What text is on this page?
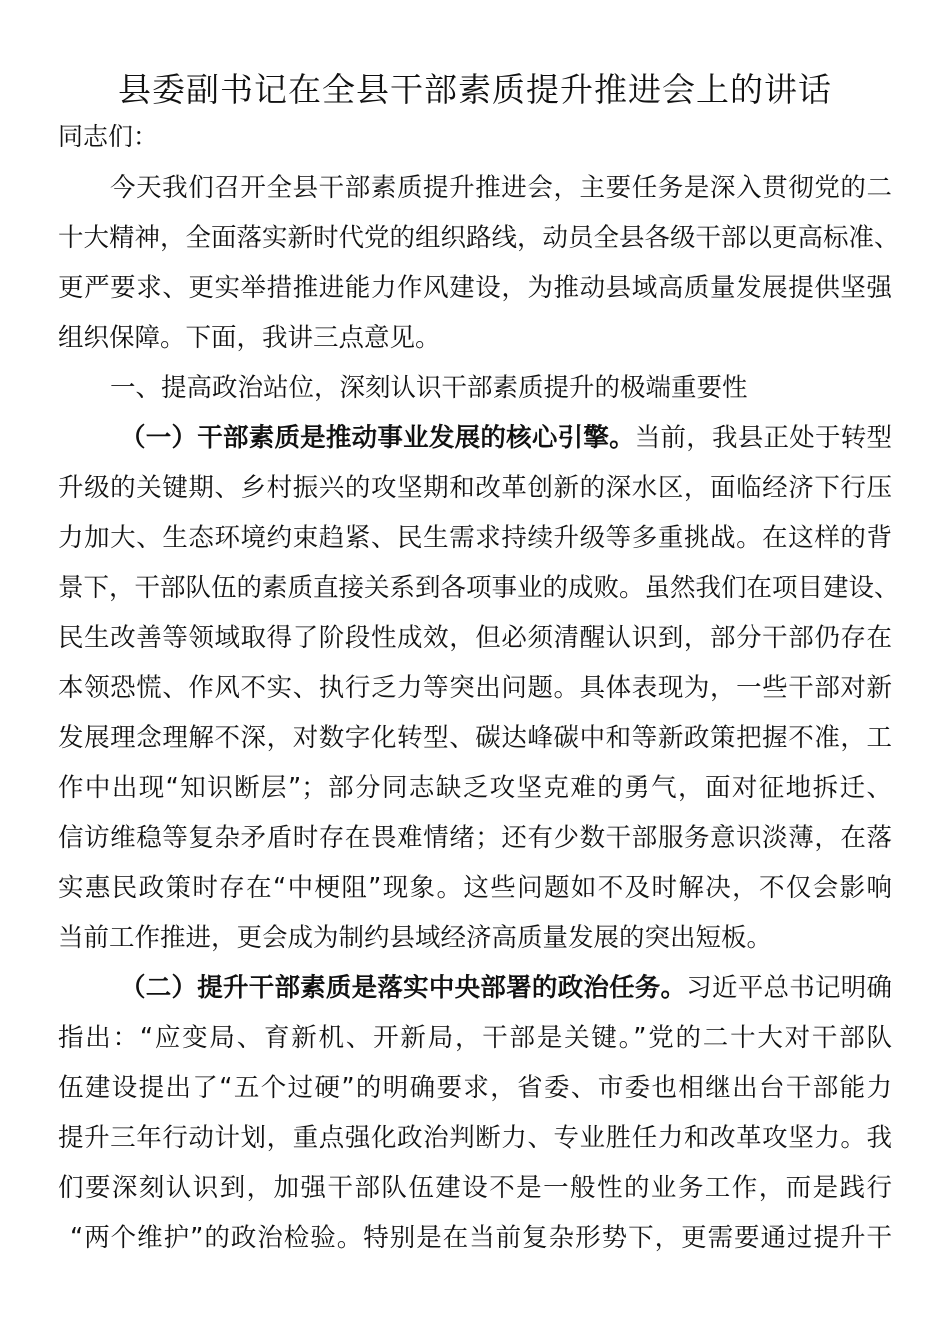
县委副书记在全县干部素质提升推进会上的讲话

同志们：

今天我们召开全县干部素质提升推进会，主要任务是深入贯彻党的二

十大精神，全面落实新时代党的组织路线，动员全县各级干部以更高标准、

更严要求、更实举措推进能力作风建设，为推动县域高质量发展提供坚强

组织保障。下面，我讲三点意见。

一、提高政治站位，深刻认识干部素质提升的极端重要性

（一）干部素质是推动事业发展的核心引擎。当前，我县正处于转型

升级的关键期、乡村振兴的攻坚期和改革创新的深水区，面临经济下行压

力加大、生态环境约束趋紧、民生需求持续升级等多重挑战。在这样的背

景下，干部队伍的素质直接关系到各项事业的成败。虽然我们在项目建设、

民生改善等领域取得了阶段性成效，但必须清醒认识到，部分干部仍存在

本领恐慌、作风不实、执行乏力等突出问题。具体表现为，一些干部对新

发展理念理解不深，对数字化转型、碳达峰碳中和等新政策把握不准，工

作中出现“知识断层”；部分同志缺乏攻坚克难的勇气，面对征地拆迁、

信访维稳等复杂矛盾时存在畏难情绪；还有少数干部服务意识淡薄，在落

实惠民政策时存在“中梗阻”现象。这些问题如不及时解决，不仅会影响

当前工作推进，更会成为制约县域经济高质量发展的突出短板。

（二）提升干部素质是落实中央部署的政治任务。习近平总书记明确

指出：“应变局、育新机、开新局，干部是关键。”党的二十大对干部队

伍建设提出了“五个过硬”的明确要求，省委、市委也相继出台干部能力

提升三年行动计划，重点强化政治判断力、专业胜任力和改革攻坚力。我

们要深刻认识到，加强干部队伍建设不是一般性的业务工作，而是践行

“两个维护”的政治检验。特别是在当前复杂形势下，更需要通过提升干
